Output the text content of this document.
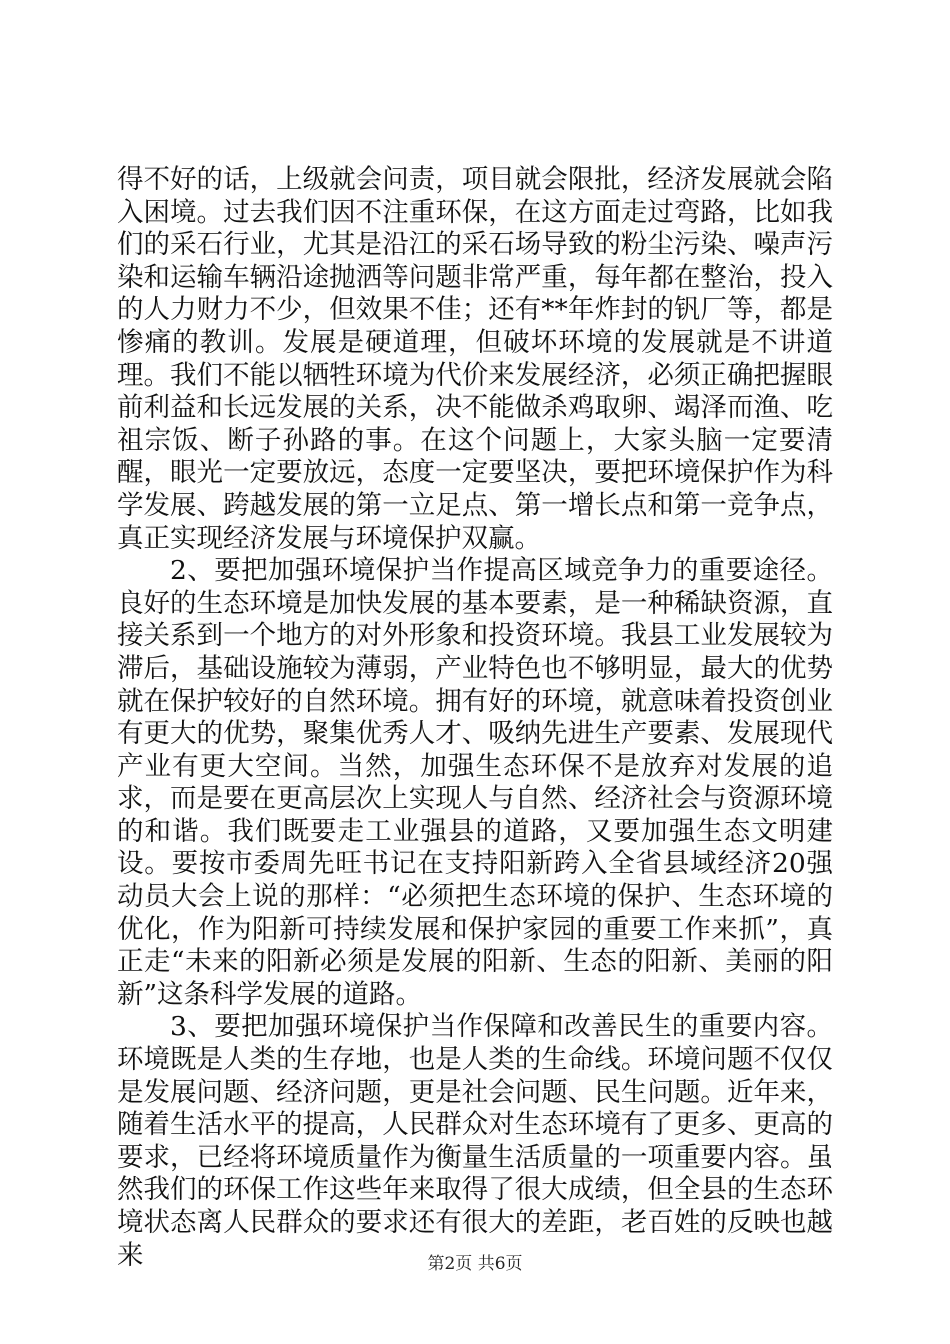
得不好的话，上级就会问责，项目就会限批，经济发展就会陷入困境。过去我们因不注重环保，在这方面走过弯路，比如我们的采石行业，尤其是沿江的采石场导致的粉尘污染、噪声污染和运输车辆沿途抛洒等问题非常严重，每年都在整治，投入的人力财力不少，但效果不佳；还有**年炸封的钒厂等，都是惨痛的教训。发展是硬道理，但破坏环境的发展就是不讲道理。我们不能以牺牲环境为代价来发展经济，必须正确把握眼前利益和长远发展的关系，决不能做杀鸡取卵、竭泽而渔、吃祖宗饭、断子孙路的事。在这个问题上，大家头脑一定要清醒，眼光一定要放远，态度一定要坚决，要把环境保护作为科学发展、跨越发展的第一立足点、第一增长点和第一竞争点，真正实现经济发展与环境保护双赢。

2、要把加强环境保护当作提高区域竞争力的重要途径。良好的生态环境是加快发展的基本要素，是一种稀缺资源，直接关系到一个地方的对外形象和投资环境。我县工业发展较为滞后，基础设施较为薄弱，产业特色也不够明显，最大的优势就在保护较好的自然环境。拥有好的环境，就意味着投资创业有更大的优势，聚集优秀人才、吸纳先进生产要素、发展现代产业有更大空间。当然，加强生态环保不是放弃对发展的追求，而是要在更高层次上实现人与自然、经济社会与资源环境的和谐。我们既要走工业强县的道路，又要加强生态文明建设。要按市委周先旺书记在支持阳新跨入全省县域经济20强动员大会上说的那样：“必须把生态环境的保护、生态环境的优化，作为阳新可持续发展和保护家园的重要工作来抓”，真正走“未来的阳新必须是发展的阳新、生态的阳新、美丽的阳新”这条科学发展的道路。

3、要把加强环境保护当作保障和改善民生的重要内容。环境既是人类的生存地，也是人类的生命线。环境问题不仅仅是发展问题、经济问题，更是社会问题、民生问题。近年来，随着生活水平的提高，人民群众对生态环境有了更多、更高的要求，已经将环境质量作为衡量生活质量的一项重要内容。虽然我们的环保工作这些年来取得了很大成绩，但全县的生态环境状态离人民群众的要求还有很大的差距，老百姓的反映也越来	第2页 共6页
